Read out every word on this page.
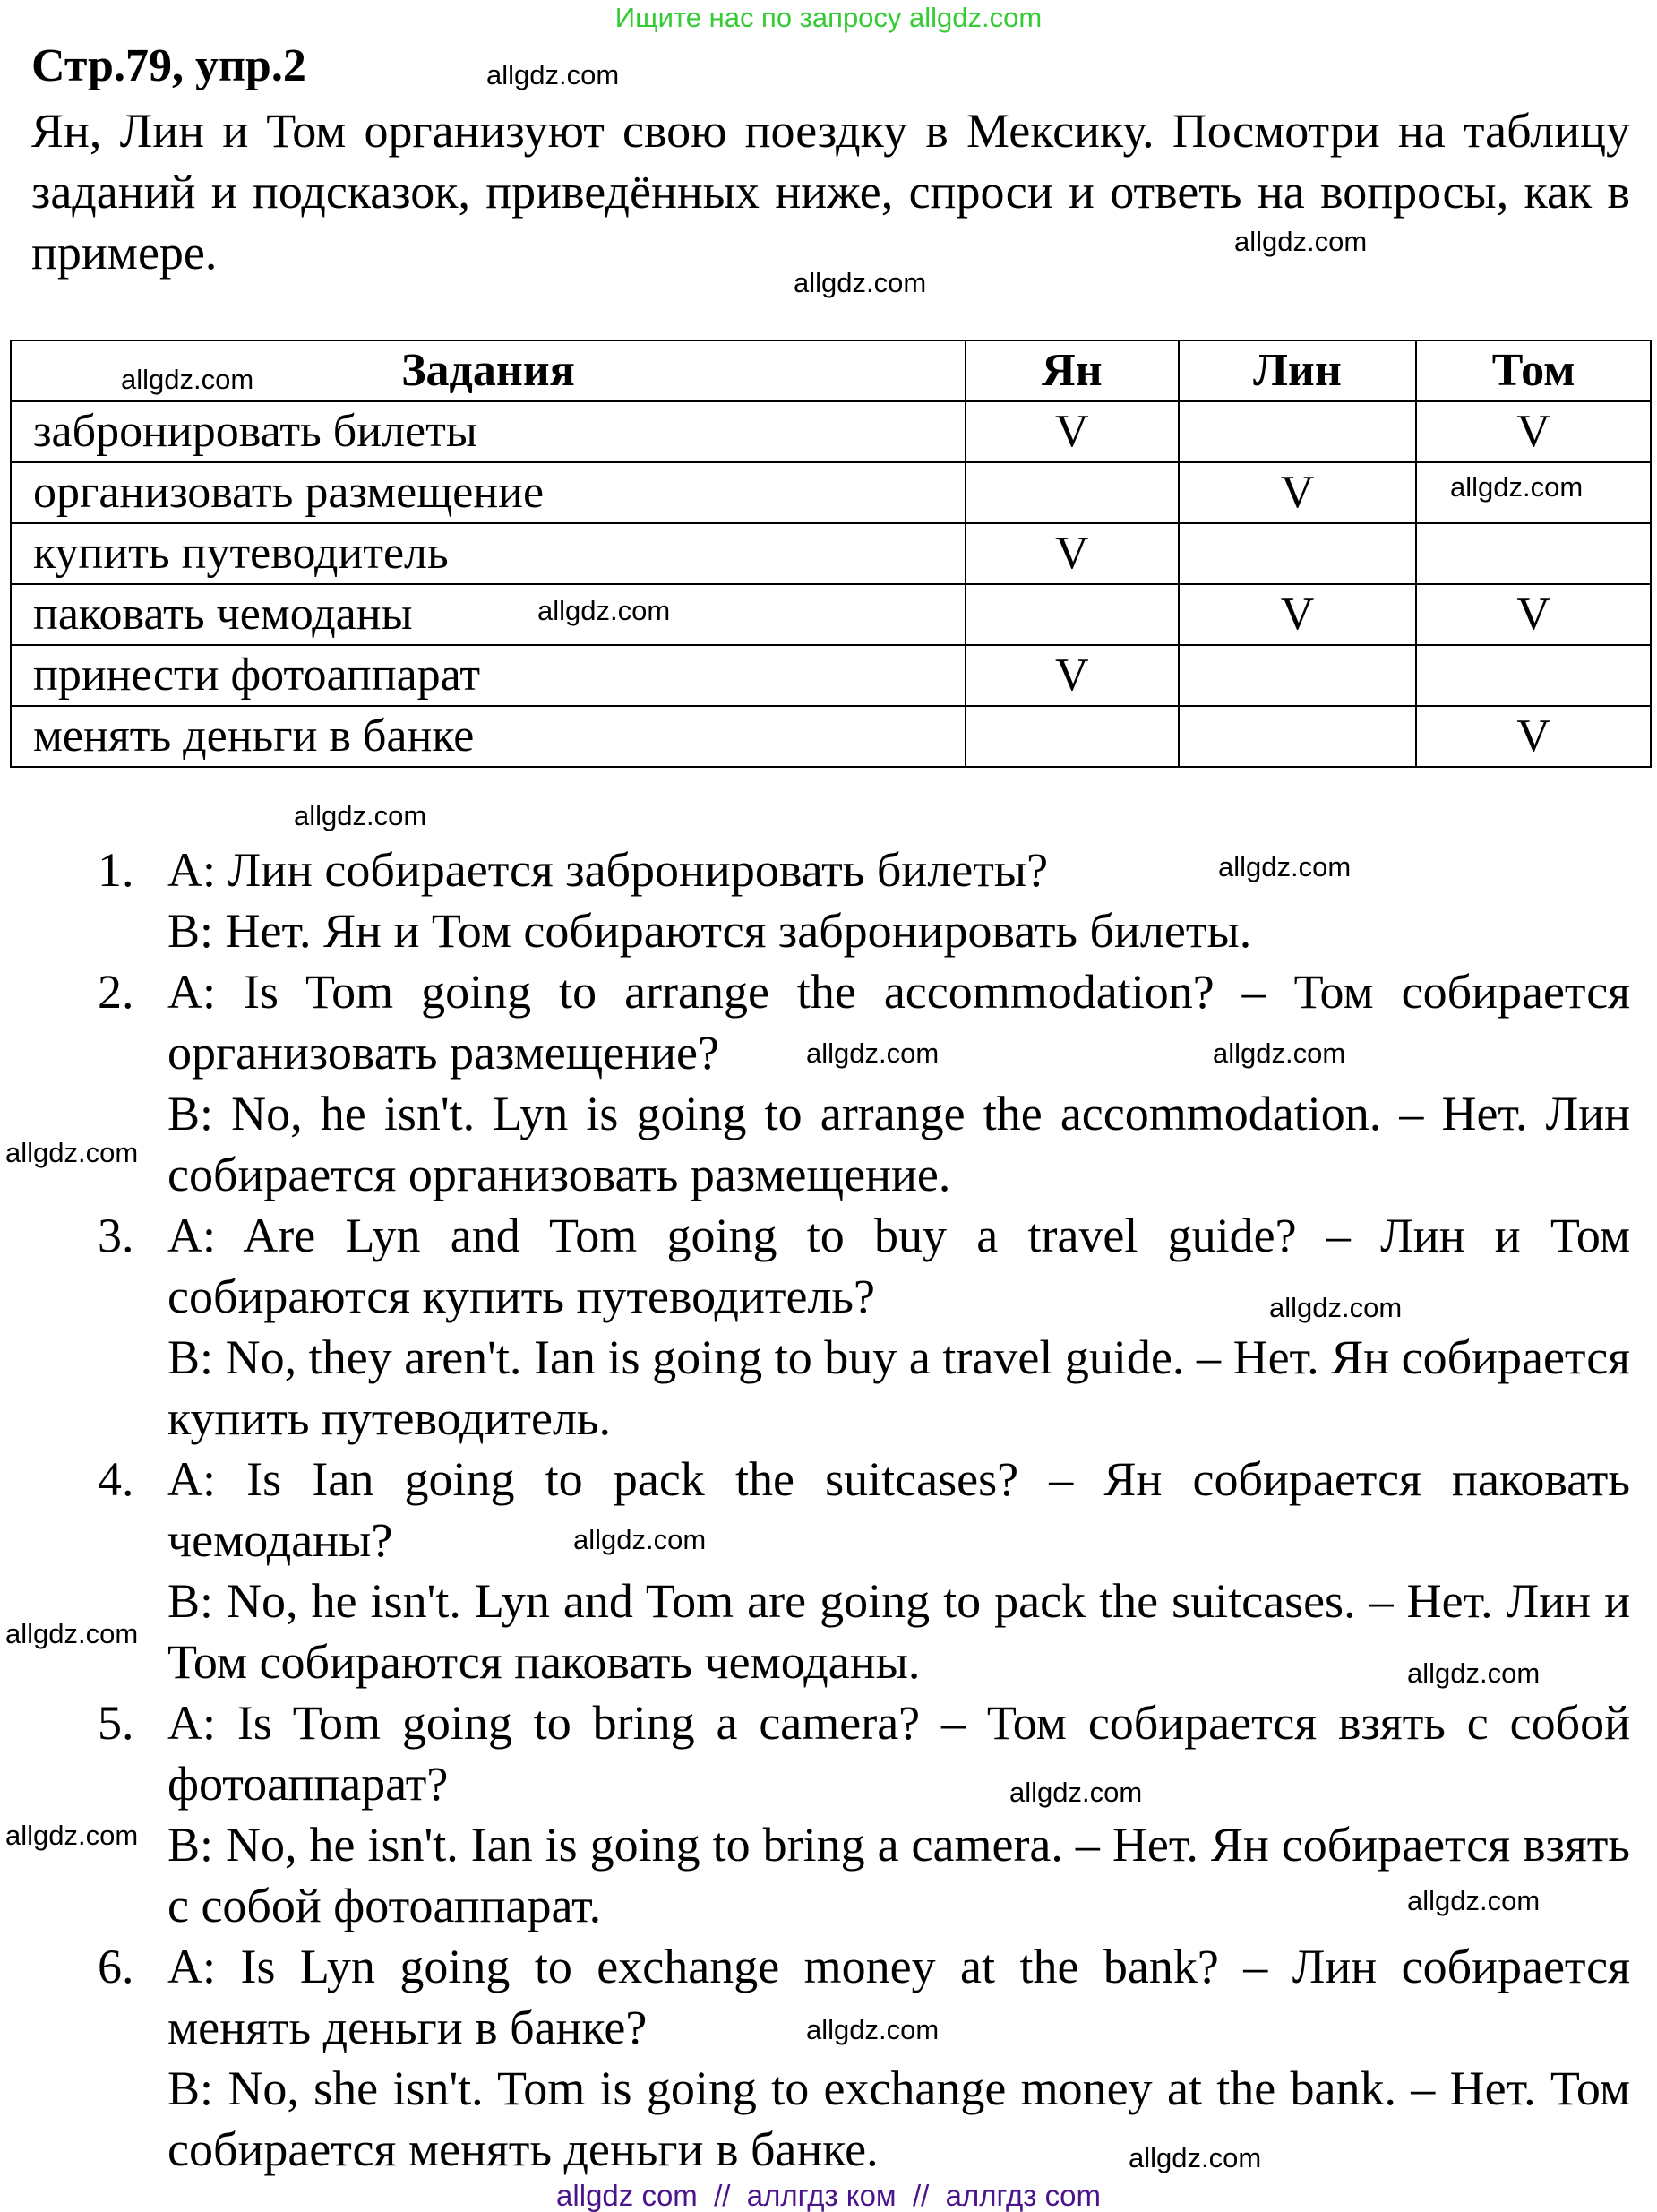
Ищите нас по запросу allgdz.com
Стр.79, упр.2
Ян, Лин и Том организуют свою поездку в Мексику. Посмотри на таблицу заданий и подсказок, приведённых ниже, спроси и ответь на вопросы, как в примере.
Задания	Ян	Лин	Том
забронировать билеты	V		V
организовать размещение		V	
купить путеводитель	V		
паковать чемоданы		V	V
принести фотоаппарат	V		
менять деньги в банке			V
1. A: Лин собирается забронировать билеты?
B: Нет. Ян и Том собираются забронировать билеты.
2. A: Is Tom going to arrange the accommodation? – Том собирается организовать размещение?
B: No, he isn't. Lyn is going to arrange the accommodation. – Нет. Лин собирается организовать размещение.
3. A: Are Lyn and Tom going to buy a travel guide? – Лин и Том собираются купить путеводитель?
B: No, they aren't. Ian is going to buy a travel guide. – Нет. Ян собирается купить путеводитель.
4. A: Is Ian going to pack the suitcases? – Ян собирается паковать чемоданы?
B: No, he isn't. Lyn and Tom are going to pack the suitcases. – Нет. Лин и Том собираются паковать чемоданы.
5. A: Is Tom going to bring a camera? – Том собирается взять с собой фотоаппарат?
B: No, he isn't. Ian is going to bring a camera. – Нет. Ян собирается взять с собой фотоаппарат.
6. A: Is Lyn going to exchange money at the bank? – Лин собирается менять деньги в банке?
B: No, she isn't. Tom is going to exchange money at the bank. – Нет. Том собирается менять деньги в банке.
allgdz.com
allgdz.com
allgdz.com
allgdz.com
allgdz.com
allgdz.com
allgdz.com
allgdz.com
allgdz.com	allgdz.com
allgdz.com
allgdz.com
allgdz.com
allgdz.com
allgdz.com
allgdz.com
allgdz.com
allgdz.com
allgdz.com
allgdz.com
allgdz com  //  аллгдз ком  //  аллгдз com
